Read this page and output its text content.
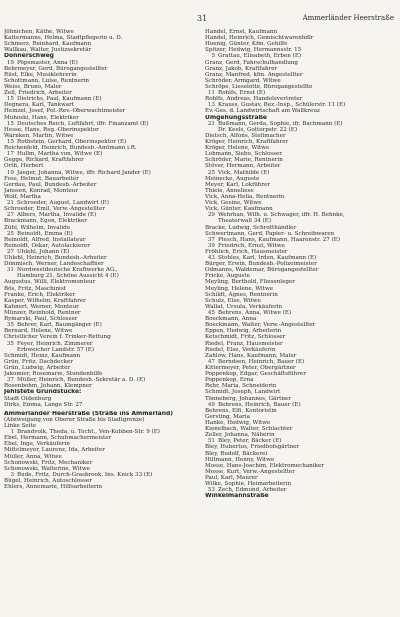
31	Ammerländer Heerstraße
Jöhnichen, Käthe, Witwe
Kattermanns, Helma, Stadtpflegerin u. D.
Schmerz, Reinhard, Kaufmann
Wallkau, Walter, Justizsekretär
Donnerschweg
19 Pöpsmaster, Anna (E)
Behrmeyer, Gerd, Bürogangestellter
Rüst, Elke, Musiklehrerin
Schottmann, Luise, Rentnerin
Weiss, Bruno, Maler
Zell, Friedrich, Arbeiter
15 Dietrichs, Paul, Kaufmann (E)
Degnera, Karl, Tankwart
Heinzel, Josef, Pol.-Rev.-Oberwachtmeister
Muhoski, Hans, Elektriker
15 Deutsches Reich, Luftfahrt, iffr. Finanzamt (E)
Hesse, Hans, Reg.-Oberinspektor
Warnken, Martin, Witwe
15 Rothstein, Gerhard, Oberinspektor (E)
Reichenfeld, Heinrich, Bundesb.-Amtmann i.R.
17 Hullm, Martha von, Witwe (E)
Gegge, Richard, Kraftfahrer
Orth, Herbert
19 Jaeger, Johanna, Witwe, iffr. Richard Jander (E)
Foss, Helmut, Bauarbeiter
Gerdau, Paul, Bundesb.-Arbeiter
Janssen, Konrad, Monteur
Wolf, Martha
21 Schroeder, August, Landwirt (E)
Schroeder, Emil, Verw.-Angestellter
27 Albers, Martha, Invalide (E)
Brackmann, Egon, Elektriker
Zühl, Wilhelm, Invalide
25 Reinoldt, Emma (E)
Reinoldt, Alfred, Installateur
Reinoldt, Oskar, Autolackierer
27 Uhlehl, Johann (E)
Uhlehl, Heinrich, Bundesb.-Arbeiter
Dimmisch, Werner, Landeschaffner
31 Nordwestdeutsche Kraftwerke AG.,
Hamburg 21, Schöne Aussicht 4 (E)
Augustus, Willi, Elektromonteur
Bös, Fritz, Maschinist
Franke, Erich, Elektriker
Kasper, Wilhelm, Kraftfahrer
Kahnert, Werner, Monteur
Münzer, Reinhold, Rentner
Rymarski, Paul, Schlosser
35 Behrer, Karl, Baumgänger (E)
Bernard, Helene, Witwe
Christlicher Verein f. Trinker-Rettung
35 Feyer, Heinrich, Zimmerer
Erbweicher Landstr. 57 (E)
Schmidt, Heinz, Kaufmann
Grün, Fritz, Dachdecker
Grün, Ludwig, Arbeiter
Jakomier, Rosemarie, Stundenhilfe
37 Müller, Heinrich, Bundesb.-Sekretär a. D. (E)
Rosenbohm, Johann, Klempner
Jehlstete Grundstücke:
Stadt Oldenburg
Dirks, Emma, Lange Str. 27
Ammerländer Heerstraße (Straße ins Ammerland)
(Abzweigung von Oberer Straße bis Stadtgrenze)
Linke Seite
1 Brandvolk, Theda, u. Tocht., Ven-Kobben-Str. 9 (E)
Ebel, Hermann, Schuhmachermeister
Ebel, Inge, Verkäuferin
Mittelmeyer, Laurenz, Ida, Arbeiter
Müller, Anna, Witwe
Schonowski, Fritz, Mechaniker
Schonowski, Walterine, Witwe
3 Bude, Fritz, Durch-Grasbrook, Ins. Knick 33 (E)
Bügel, Heinrich, Autoschlosser
Ehlers, Annemarie, Hilfsarbeiterin
Handel, Ernst, Kaufmann
Handel, Heinrich, Gemischtwarenhdlr
Hoenig, Günter, Kfm. Gehilfe
Spitzer, Hedwig, Hermannsstr. 15
5 Grattau, Elisabeth, Erben (E)
Granz, Gerd, Fahrschulhandlung
Granz, Jakob, Kraftfahrer
Granz, Manfred, kfm. Angestellter
Schröder, Armgard, Witwe
Schröpe, Lieselotte, Bürogangestellte
11 Rohlfs, Ernst (E)
Rohlfs, Andreas, Handelsvertreter
13 Krauss, Gustav, Bez.-Insp., Schülerstr. 11 (E)
Ev.-Ges. d. Landwirtschaft am Wallkreuz
Umgehungsstraße
21 Bußmann, Gerda, Sophie, ifr. Bachmann (E)
Dr. Keels, Gottorpstr. 22 (E)
Dietsch, Alfons, Stellmacher
Kröger, Heinrich, Kraftfahrer
Kröger, Helene, Witwe
Lohmann, Siebo, Schlosser
Schröder, Marie, Rentnerin
Stöver, Hermann, Arbeiter
25 Vick, Mathilde (E)
Meinecke, Auguste
Meyer, Karl, Lokführer
Thiele, Anneliese
Vick, Anna-Helia, Rentnerin
Vick, Gesine, Witwe
Vick, Günter, Kaufmann
29 Wehrhan, Wilh. u. Schwager, iffr. H. Behnke,
Theaterwall 34 (E)
Bracke, Ludwig, Schrotthändler
Schwertmann, Gerd, Papier- u. Schreibwaren
37 Plesch, Hans, Kaufmann, Haarenstr. 27 (E)
39 Friedrich, Ernst, Witwe
Fröhlich, Erich, Hausmeister
43 Stohles, Karl, Irden, Kaufmann (E)
Bürger, Erwin, Bundesb.-Polizeimeister
Odmanns, Waldemar, Bürogangestellter
Fricke, Auguste
Meyling, Berthold, Fliesenleger
Meyling, Helene, Witwe
Schildt, Agnes, Rentnerin
Schulz, Else, Witwe
Wallat, Ursula, Verkäuferin
45 Behrens, Anna, Witwe (E)
Boeckmann, Anna
Boeckmann, Walter, Verw.-Angestellter
Eppen, Hedwig, Arbeiterin
Ketschmidt, Fritz, Schlosser
Riedel, Franz, Hausmeister
Riedel, Else, Verkäuferin
Zahlow, Hans, Kaufmann, Maler
47 Berndsen, Heinrich, Bauer (E)
Kittermeyer, Peter, Obergärtner
Poppenkop, Edgar, Geschäftsführer
Poppenkop, Erna
Rehr, Maria, Schneiderin
Schmidt, Joseph, Landwirt
Tönneberg, Johannes, Gärtner
49 Behrens, Heinrich, Bauer (E)
Behrens, Elfi, Kontoristin
Gersting, Maria
Hanke, Hedwig, Witwe
Kienelbach, Walter, Schlachter
Zeller, Johanna, Näherin
51 Bley, Peter, Bäcker (E)
Bley, Hubertus, Friedhofsgärtner
Bley, Rudolf, Bäckerei
Hiltmann, Henny, Witwe
Mosse, Hans-Joachim, Elektromechaniker
Mosse, Kurt, Verw.-Angestellter
Paul, Karl, Maurer
Wilke, Sophie, Heimarbeiterin
53 Zech, Edmund, Arbeiter
Winkelmannstraße
